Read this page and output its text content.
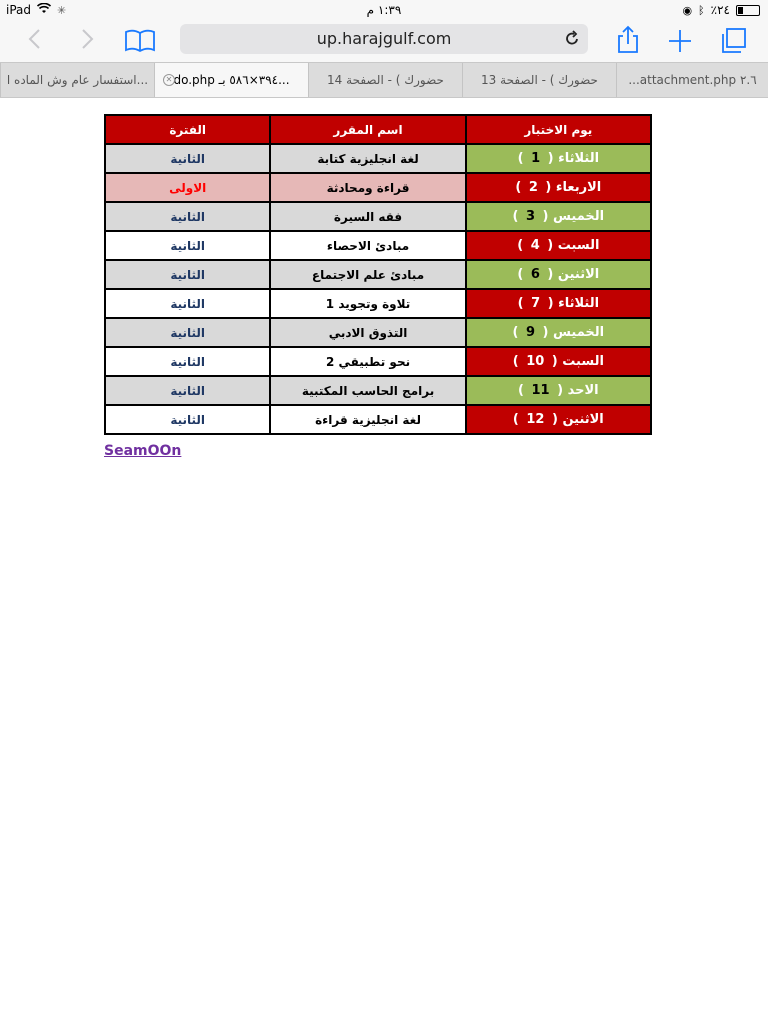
iPad ✳	١:٣٩ م	◉ ᛒ ٪٢٤
up.harajgulf.com
استفسار عام وش الماده ا...	✕ do.php ٣٩٤×٥٨٦ بـ...	حضورك ) - الصفحة 14	حضورك ) - الصفحة 13	...attachment.php ٢.٦
يوم الاختبار	اسم المقرر	الفترة
الثلاثاء ( 1 )	لغة انجليزية كتابة	الثانية
الاربعاء ( 2 )	قراءة ومحادثة	الاولى
الخميس ( 3 )	فقه السيرة	الثانية
السبت ( 4 )	مبادئ الاحصاء	الثانية
الاثنين ( 6 )	مبادئ علم الاجتماع	الثانية
الثلاثاء ( 7 )	تلاوة وتجويد 1	الثانية
الخميس ( 9 )	التذوق الادبي	الثانية
السبت ( 10 )	نحو تطبيقي 2	الثانية
الاحد ( 11 )	برامج الحاسب المكتبية	الثانية
الاثنين ( 12 )	لغة انجليزية قراءة	الثانية
SeamOOn
